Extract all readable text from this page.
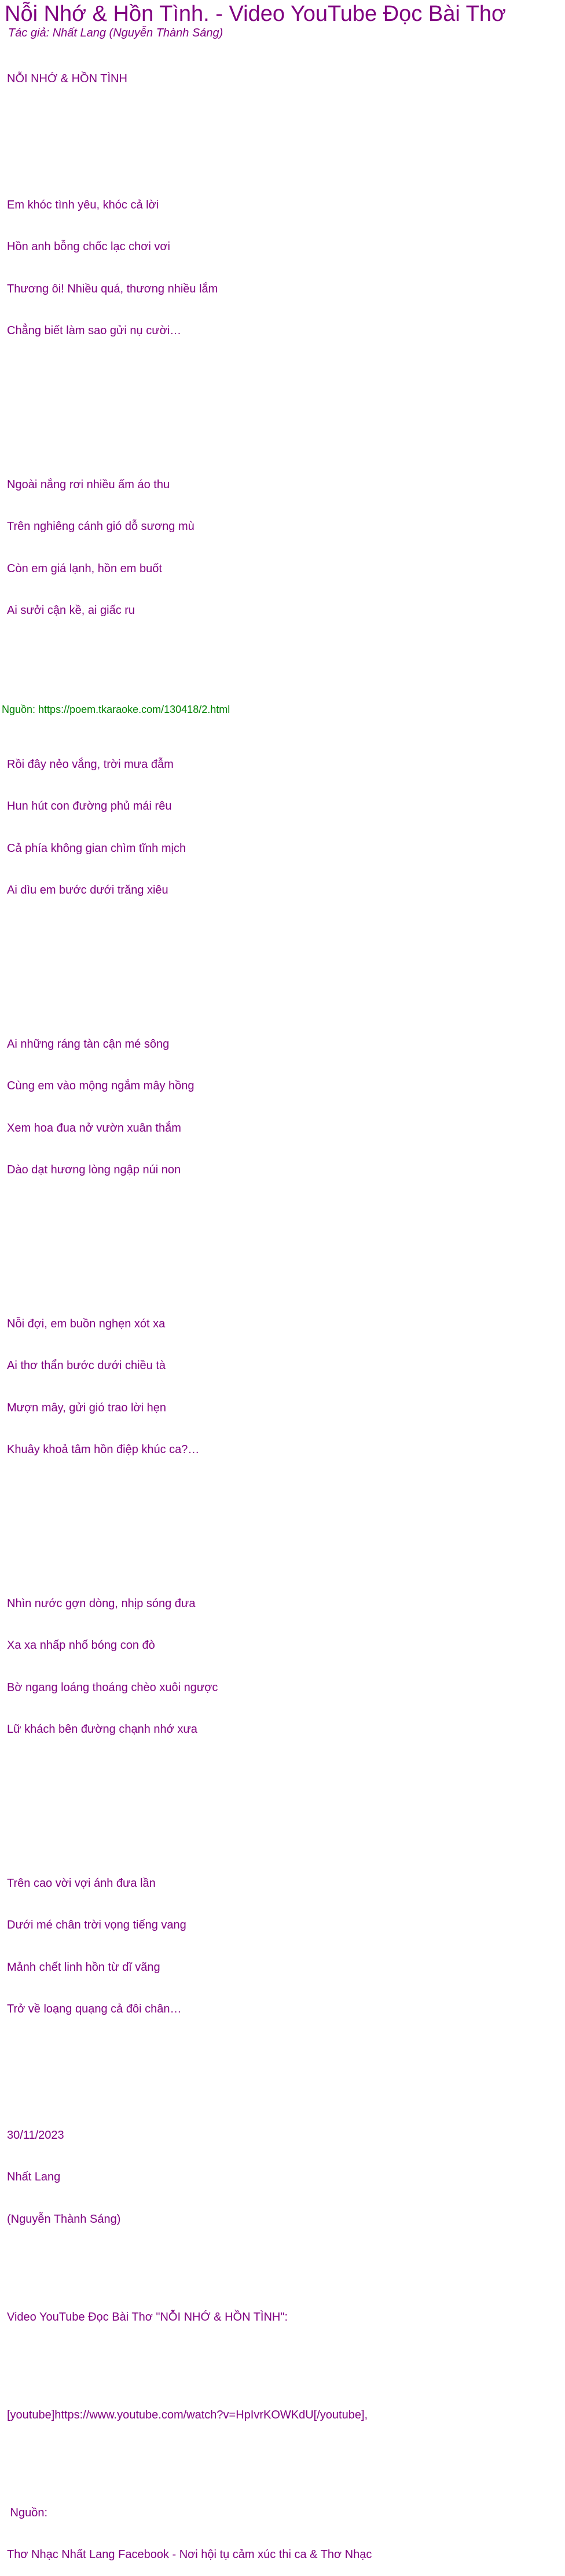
Nỗi Nhớ & Hồn Tình. - Video YouTube Đọc Bài Thơ
Tác giả: Nhất Lang (Nguyễn Thành Sáng)

NỖI NHỚ & HỒN TÌNH

Em khóc tình yêu, khóc cả lời

Hồn anh bỗng chốc lạc chơi vơi

Thương ôi! Nhiều quá, thương nhiều lắm

Chẳng biết làm sao gửi nụ cười…

Ngoài nắng rơi nhiều ấm áo thu

Trên nghiêng cánh gió dỗ sương mù

Còn em giá lạnh, hồn em buốt

Ai sưởi cận kề, ai giấc ru

Rồi đây nẻo vắng, trời mưa đẫm

Hun hút con đường phủ mái rêu

Cả phía không gian chìm tĩnh mịch

Ai dìu em bước dưới trăng xiêu

Ai những ráng tàn cận mé sông

Cùng em vào mộng ngắm mây hồng

Xem hoa đua nở vườn xuân thắm

Dào dạt hương lòng ngập núi non

Nỗi đợi, em buồn nghẹn xót xa

Ai thơ thẩn bước dưới chiều tà

Mượn mây, gửi gió trao lời hẹn

Khuây khoả tâm hồn điệp khúc ca?…

Nhìn nước gợn dòng, nhịp sóng đưa

Xa xa nhấp nhố bóng con đò

Bờ ngang loáng thoáng chèo xuôi ngược

Lữ khách bên đường chạnh nhớ xưa

Trên cao vời vợi ánh đưa lần

Dưới mé chân trời vọng tiếng vang

Mảnh chết linh hồn từ dĩ vãng

Trở về loạng quạng cả đôi chân…

30/11/2023

Nhất Lang

(Nguyễn Thành Sáng)

Video YouTube Đọc Bài Thơ "NỖI NHỚ & HỒN TÌNH":

[youtube]https://www.youtube.com/watch?v=HpIvrKOWKdU[/youtube],

Nguồn:

Thơ Nhạc Nhất Lang Facebook - Nơi hội tụ cảm xúc thi ca & Thơ Nhạc

Nguồn: https://poem.tkaraoke.com/130418/2.html
